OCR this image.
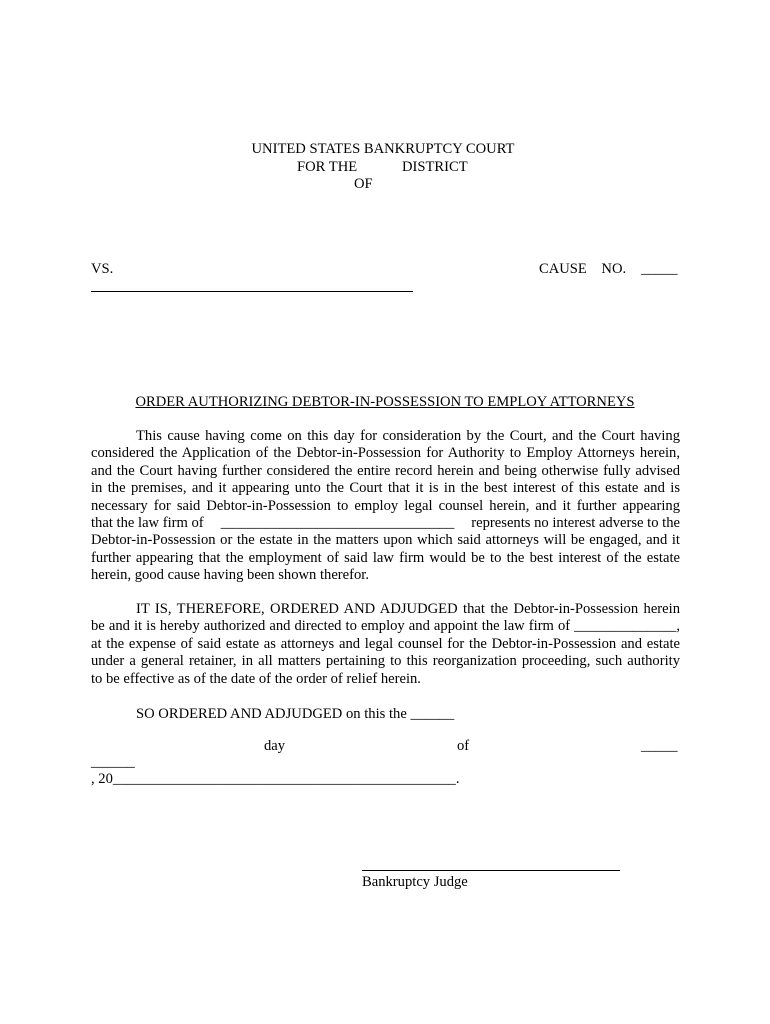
UNITED STATES BANKRUPTCY COURT
FOR THE	DISTRICT
OF
VS.	CAUSE    NO. _____
ORDER AUTHORIZING DEBTOR-IN-POSSESSION TO EMPLOY ATTORNEYS
This cause having come on this day for consideration by the Court, and the Court having
considered the Application of the Debtor-in-Possession for Authority to Employ Attorneys herein,
and the Court having further considered the entire record herein and being otherwise fully advised
in the premises, and it appearing unto the Court that it is in the best interest of this estate and is
necessary for said Debtor-in-Possession to employ legal counsel herein, and it further appearing
that the law firm of ________________________________ represents no interest adverse to the
Debtor-in-Possession or the estate in the matters upon which said attorneys will be engaged, and it
further appearing that the employment of said law firm would be to the best interest of the estate
herein, good cause having been shown therefor.
IT IS, THEREFORE, ORDERED AND ADJUDGED that the Debtor-in-Possession herein
be and it is hereby authorized and directed to employ and appoint the law firm of ______________,
at the expense of said estate as attorneys and legal counsel for the Debtor-in-Possession and estate
under a general retainer, in all matters pertaining to this reorganization proceeding, such authority
to be effective as of the date of the order of relief herein.
SO ORDERED AND ADJUDGED on this the ______
day	of	_____
______
, 20_______________________________________________.
Bankruptcy Judge
